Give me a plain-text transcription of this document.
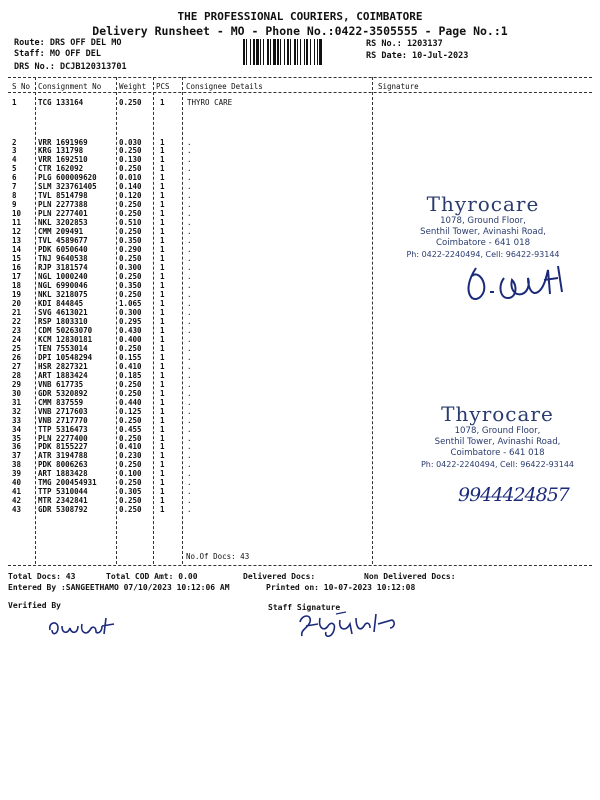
THE PROFESSIONAL COURIERS, COIMBATORE
Delivery Runsheet - MO - Phone No.:0422-3505555 - Page No.:1
Route: DRS OFF DEL MO
Staff: MO OFF DEL
DRS No.: DCJB120313701
RS No.: 1203137
RS Date: 10-Jul-2023
S No Consignment No Weight PCS Consignee Details	Signature
1	TCG 133164	0.250 1	THYRO CARE
2	VRR 1691969	0.030 1	.
3	KRG 131798	0.250 1	.
4	VRR 1692510	0.130 1	.
5	CTR 162092	0.250 1	.
6	PLG 600009620	0.010 1	.
7	SLM 323761405	0.140 1	.
8	TVL 8514798	0.120 1	.
9	PLN 2277388	0.250 1	.
10 PLN 2277401	0.250 1	.
11 NKL 3202853	0.510 1	.
12 CMM 209491	0.250 1	.
13 TVL 4589677	0.350 1	.
14 PDK 6050640	0.290 1	.
15 TNJ 9640538	0.250 1	.
16 RJP 3181574	0.300 1	.
17 NGL 1000240	0.250 1	.
18 NGL 6990046	0.350 1	.
19 NKL 3218075	0.250 1	.
20 KDI 844845	1.065 1	.
21 SVG 4613021	0.300 1	.
22 RSP 1803310	0.295 1	.
23 CDM 50263070	0.430 1	.
24 KCM 12830181	0.400 1	.
25 TEN 7553014	0.250 1	.
26 DPI 10548294	0.155 1	.
27 HSR 2827321	0.410 1	.
28 ART 1883424	0.185 1	.
29 VNB 617735	0.250 1	.
30 GDR 5320892	0.250 1	.
31 CMM 837559	0.440 1	.
32 VNB 2717603	0.125 1	.
33 VNB 2717770	0.250 1	.
34 TTP 5316473	0.455 1	.
35 PLN 2277400	0.250 1	.
36 PDK 8155227	0.410 1	.
37 ATR 3194788	0.230 1	.
38 PDK 8006263	0.250 1	.
39 ART 1883428	0.100 1	.
40 TMG 200454931	0.250 1	.
41 TTP 5310044	0.305 1	.
42 MTR 2342841	0.250 1	.
43 GDR 5308792	0.250 1	.
No.Of Docs: 43
Total Docs: 43	Total COD Amt: 0.00	Delivered Docs:	Non Delivered Docs:
Entered By :SANGEETHAMO 07/10/2023 10:12:06 AM	Printed on: 10-07-2023 10:12:08
Verified By	Staff Signature
Thyrocare
1078, Ground Floor,
Senthil Tower, Avinashi Road,
Coimbatore - 641 018
Ph: 0422-2240494, Cell: 96422-93144
Thyrocare
1078, Ground Floor,
Senthil Tower, Avinashi Road,
Coimbatore - 641 018
Ph: 0422-2240494, Cell: 96422-93144
9944424857
